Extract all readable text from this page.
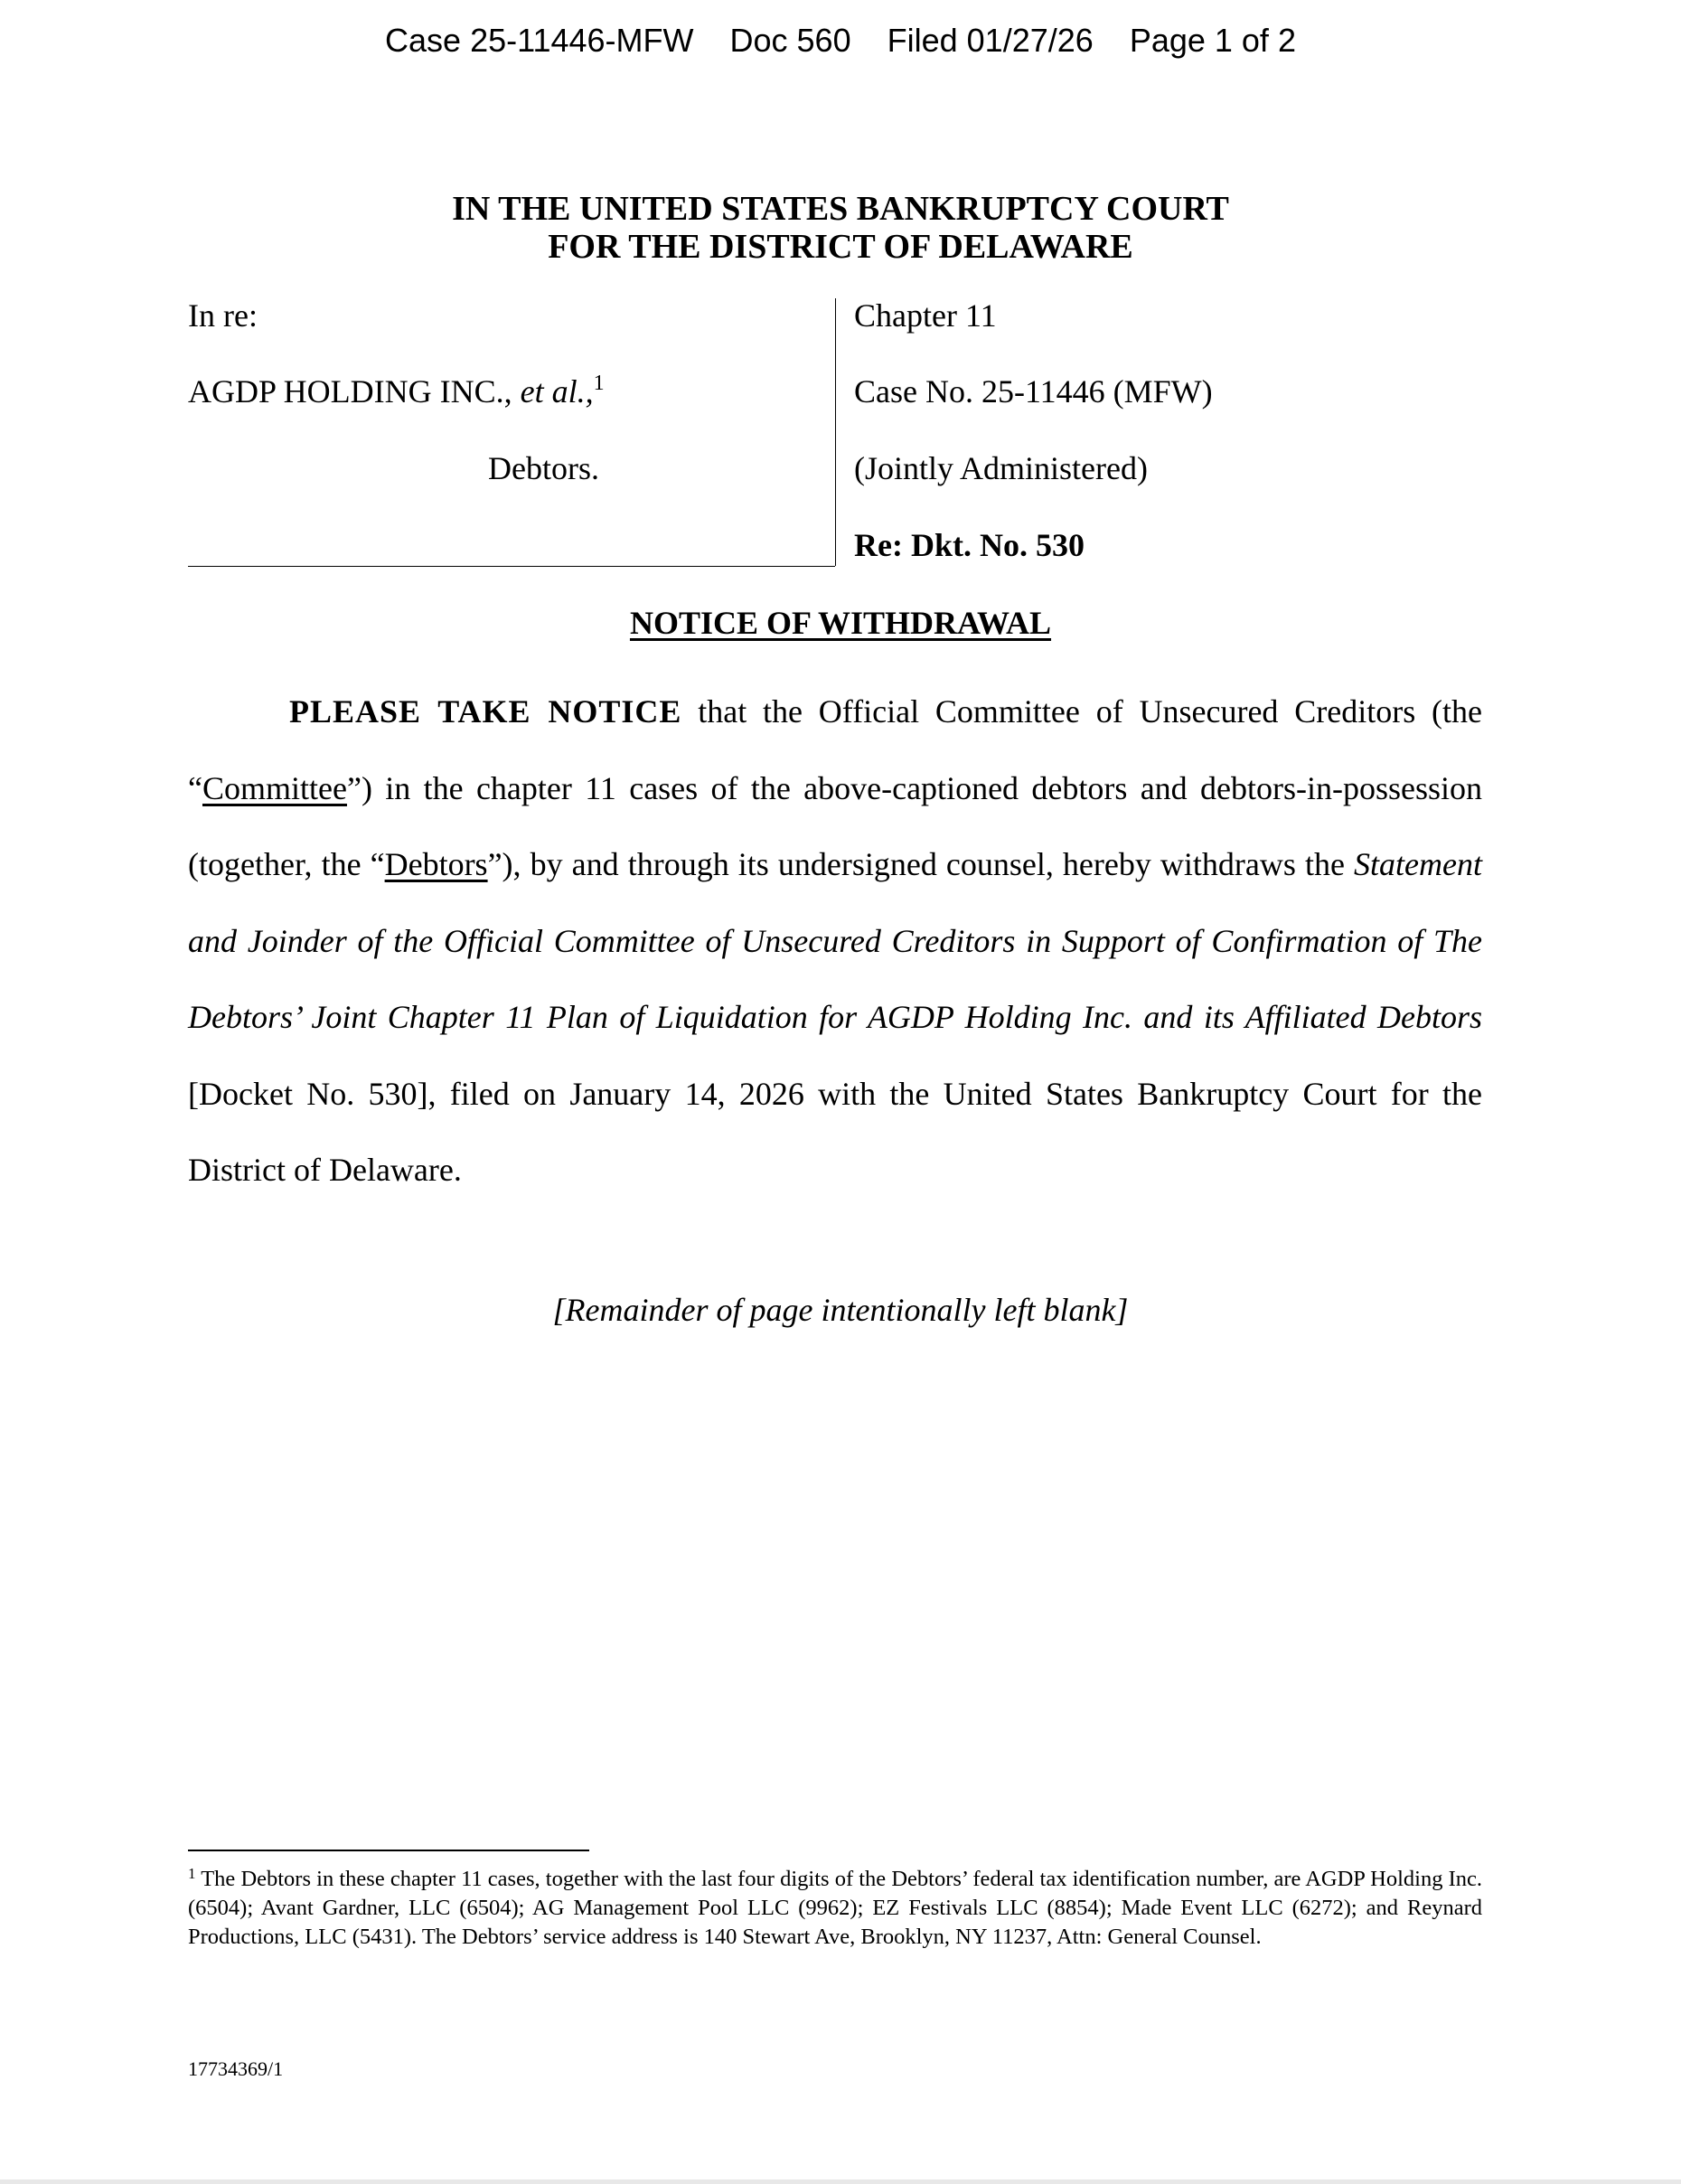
Case 25-11446-MFW Doc 560 Filed 01/27/26 Page 1 of 2
IN THE UNITED STATES BANKRUPTCY COURT
FOR THE DISTRICT OF DELAWARE
In re:
AGDP HOLDING INC., et al.,$^1$
Debtors.
Chapter 11
Case No. 25-11446 (MFW)
(Jointly Administered)
Re: Dkt. No. 530
NOTICE OF WITHDRAWAL
PLEASE TAKE NOTICE that the Official Committee of Unsecured Creditors (the “Committee”) in the chapter 11 cases of the above-captioned debtors and debtors-in-possession (together, the “Debtors”), by and through its undersigned counsel, hereby withdraws the Statement and Joinder of the Official Committee of Unsecured Creditors in Support of Confirmation of The Debtors’ Joint Chapter 11 Plan of Liquidation for AGDP Holding Inc. and its Affiliated Debtors [Docket No. 530], filed on January 14, 2026 with the United States Bankruptcy Court for the District of Delaware.
[Remainder of page intentionally left blank]
$^1$ The Debtors in these chapter 11 cases, together with the last four digits of the Debtors’ federal tax identification number, are AGDP Holding Inc. (6504); Avant Gardner, LLC (6504); AG Management Pool LLC (9962); EZ Festivals LLC (8854); Made Event LLC (6272); and Reynard Productions, LLC (5431). The Debtors’ service address is 140 Stewart Ave, Brooklyn, NY 11237, Attn: General Counsel.
17734369/1
